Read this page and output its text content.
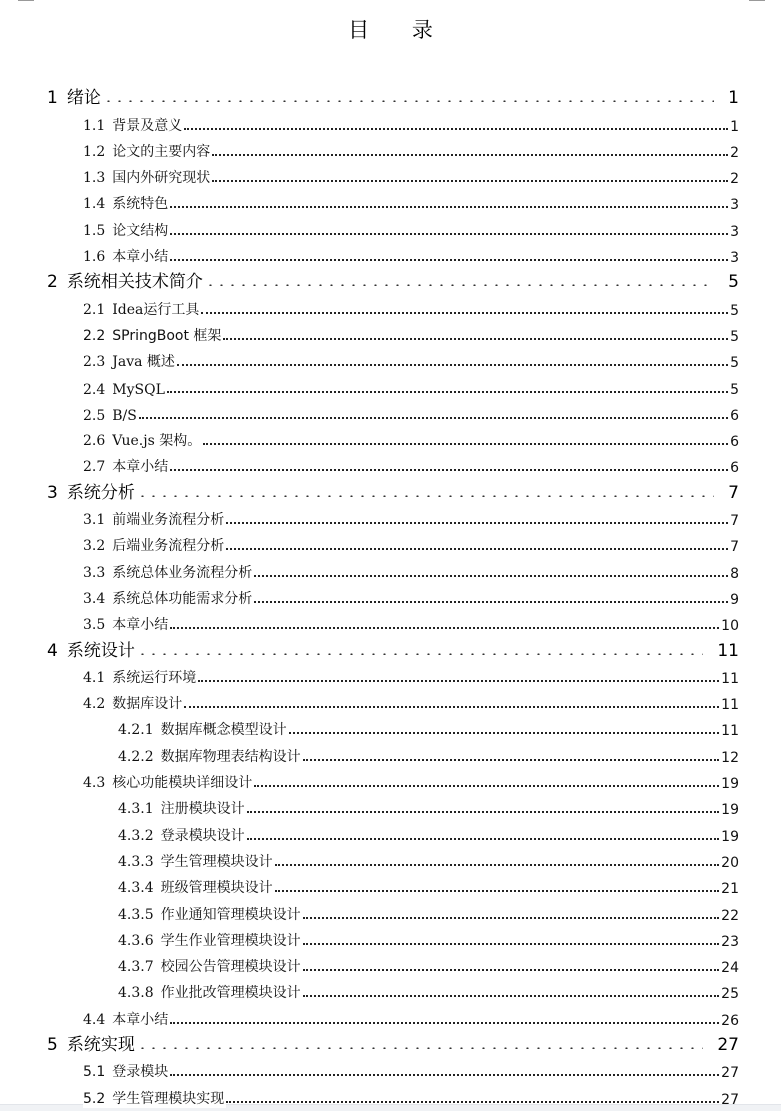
目 录
1 绪论	1
1.1 背景及意义	1
1.2 论文的主要内容	2
1.3 国内外研究现状	2
1.4 系统特色	3
1.5 论文结构	3
1.6 本章小结	3
2 系统相关技术简介	5
2.1 Idea运行工具	5
2.2 SPringBoot 框架	5
2.3 Java 概述	5
2.4 MySQL	5
2.5 B/S	6
2.6 Vue.js 架构。	6
2.7 本章小结	6
3 系统分析	7
3.1 前端业务流程分析	7
3.2 后端业务流程分析	7
3.3 系统总体业务流程分析	8
3.4 系统总体功能需求分析	9
3.5 本章小结	10
4 系统设计	11
4.1 系统运行环境	11
4.2 数据库设计	11
4.2.1 数据库概念模型设计	11
4.2.2 数据库物理表结构设计	12
4.3 核心功能模块详细设计	19
4.3.1 注册模块设计	19
4.3.2 登录模块设计	19
4.3.3 学生管理模块设计	20
4.3.4 班级管理模块设计	21
4.3.5 作业通知管理模块设计	22
4.3.6 学生作业管理模块设计	23
4.3.7 校园公告管理模块设计	24
4.3.8 作业批改管理模块设计	25
4.4 本章小结	26
5 系统实现	27
5.1 登录模块	27
5.2 学生管理模块实现	27
